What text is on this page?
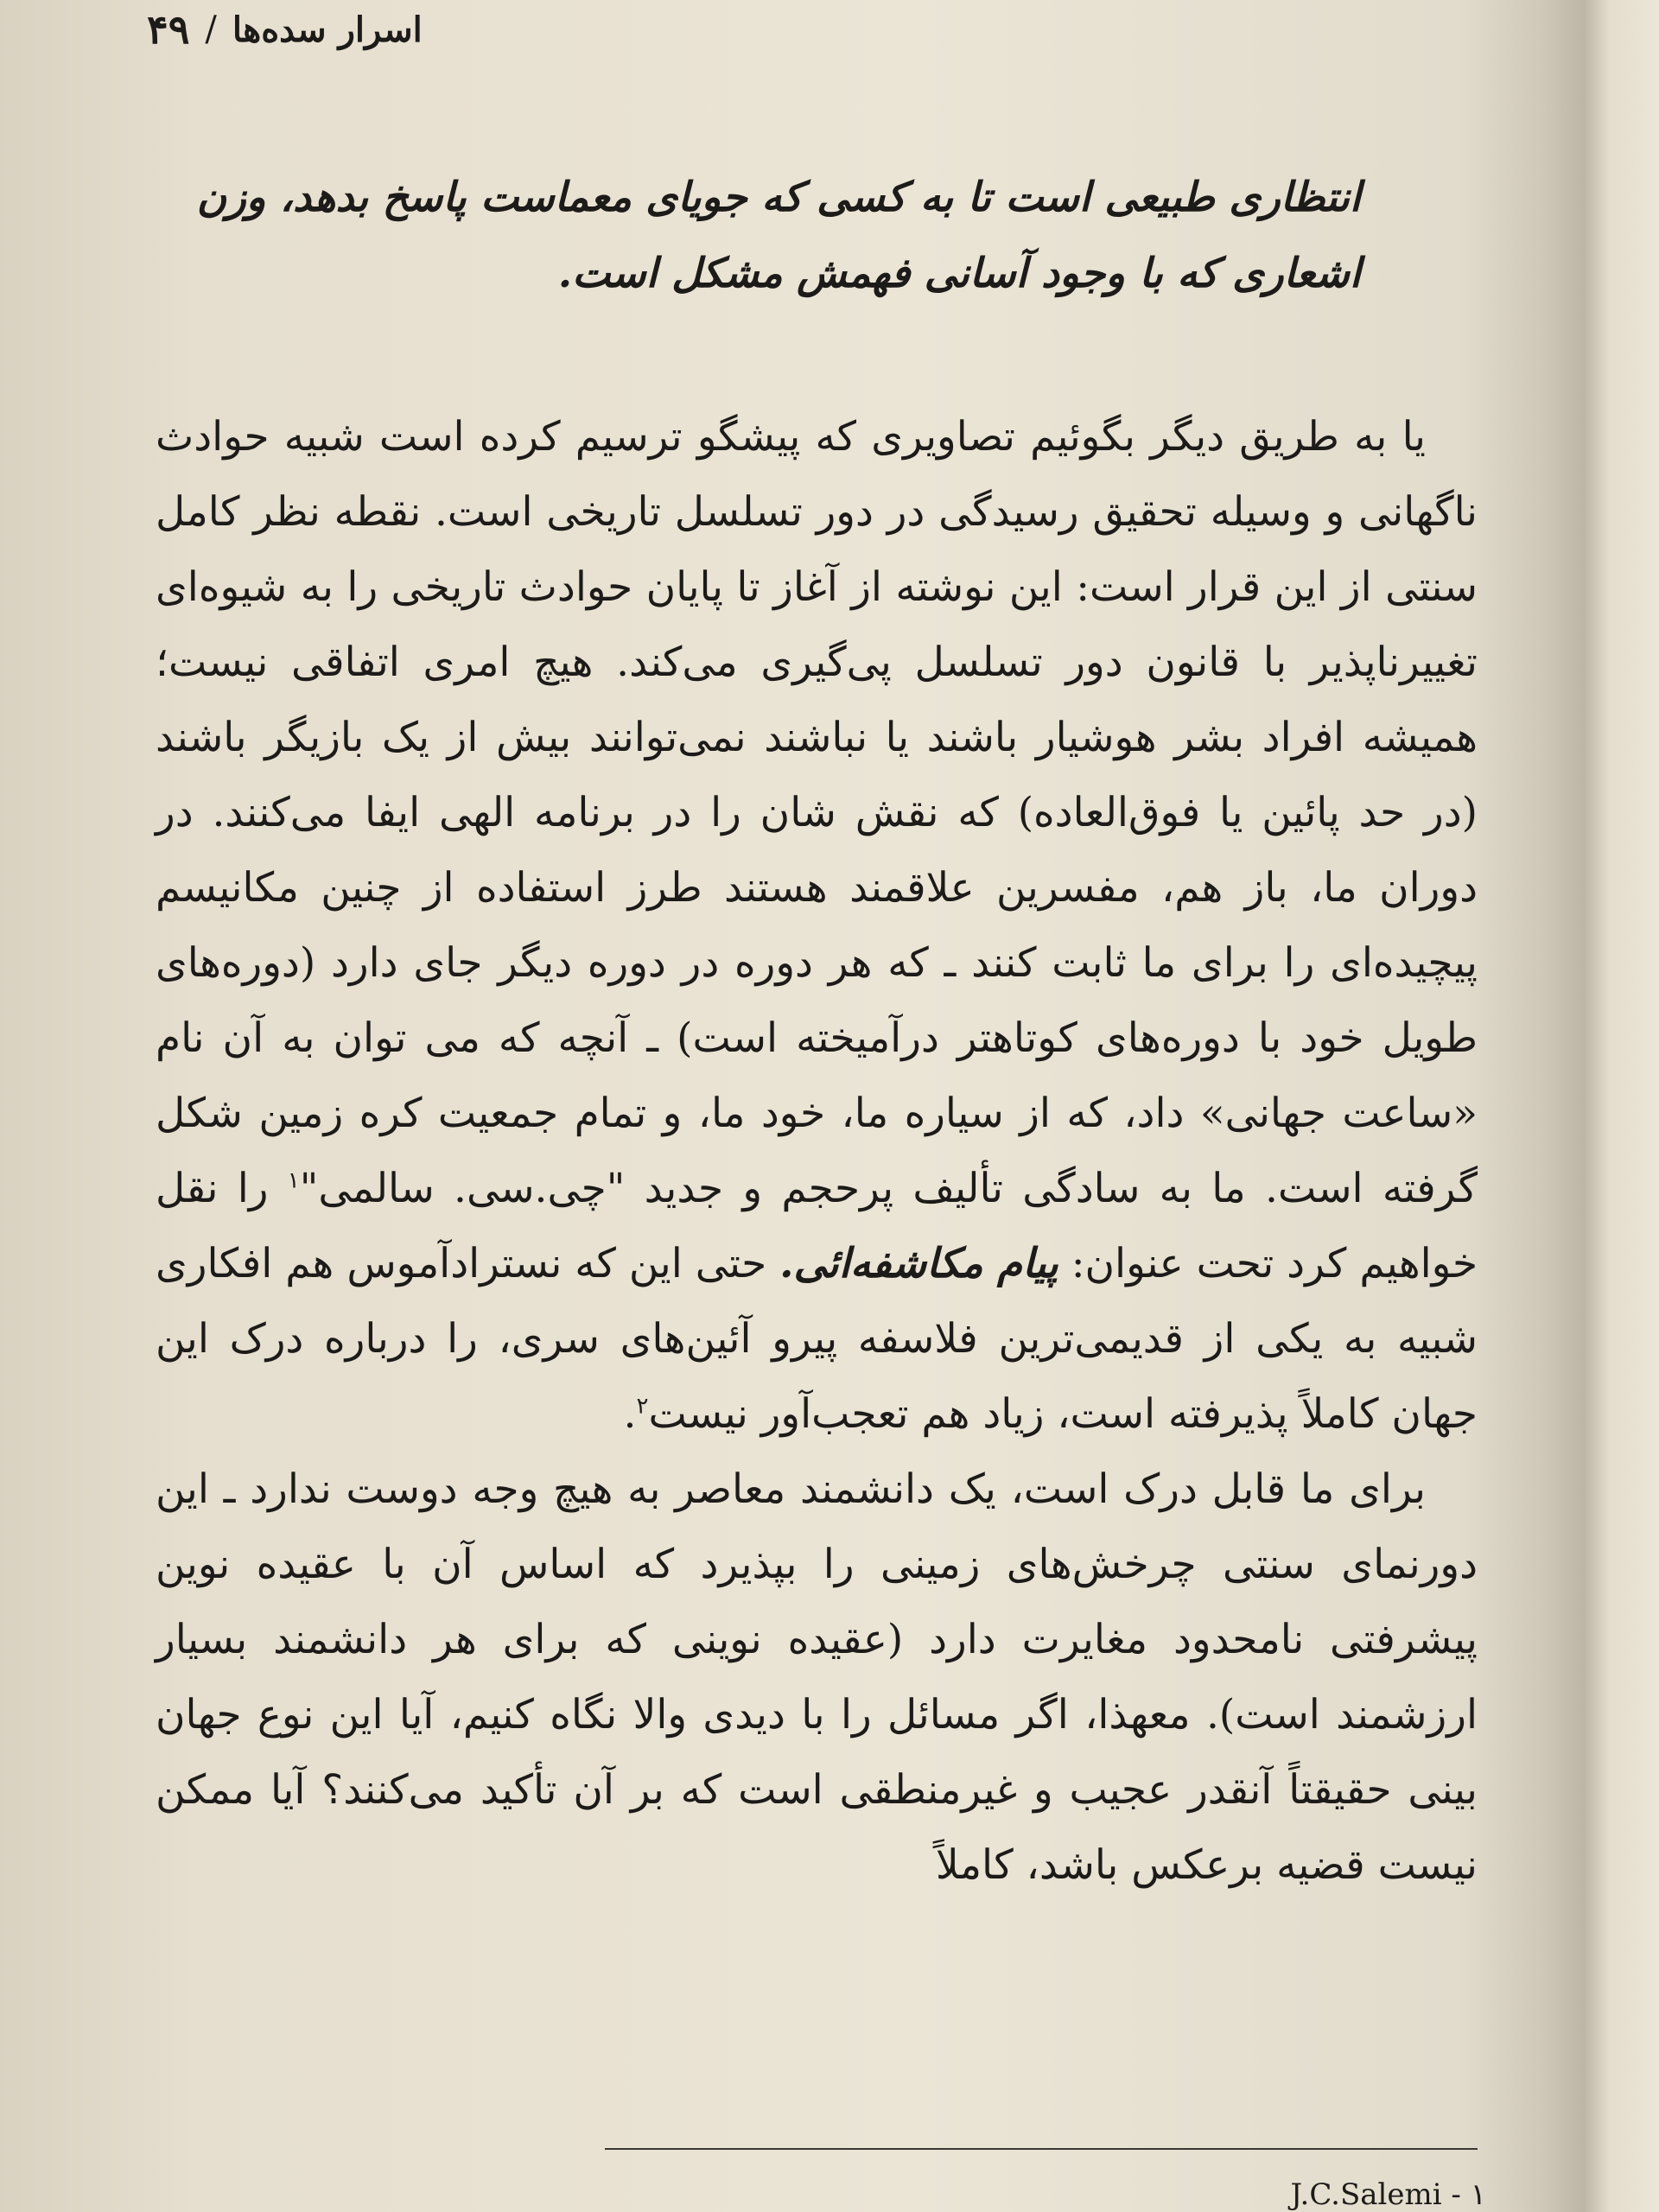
۴۹ / اسرار سده‌ها
انتظاری طبیعی است تا به کسی که جویای معماست پاسخ بدهد، وزن اشعاری که با وجود آسانی فهمش مشکل است.

یا به طریق دیگر بگوئیم تصاویری که پیشگو ترسیم کرده است شبیه حوادث ناگهانی و وسیله تحقیق رسیدگی در دور تسلسل تاریخی است. نقطه نظر کامل سنتی از این قرار است: این نوشته از آغاز تا پایان حوادث تاریخی را به شیوه‌ای تغییرناپذیر با قانون دور تسلسل پی‌گیری می‌کند. هیچ امری اتفاقی نیست؛ همیشه افراد بشر هوشیار باشند یا نباشند نمی‌توانند بیش از یک بازیگر باشند (در حد پائین یا فوق‌العاده) که نقش شان را در برنامه الهی ایفا می‌کنند. در دوران ما، باز هم، مفسرین علاقمند هستند طرز استفاده از چنین مکانیسم پیچیده‌ای را برای ما ثابت کنند ـ که هر دوره در دوره دیگر جای دارد (دوره‌های طویل خود با دوره‌های کوتاهتر درآمیخته است) ـ آنچه که می توان به آن نام «ساعت جهانی» داد، که از سیاره ما، خود ما، و تمام جمعیت کره زمین شکل گرفته است. ما به سادگی تألیف پرحجم و جدید "چی.سی. سالمی"$^۱$ را نقل خواهیم کرد تحت عنوان: پیام مکاشفه‌ائی. حتی این که نسترادآموس هم افکاری شبیه به یکی از قدیمی‌ترین فلاسفه پیرو آئین‌های سری، را درباره درک این جهان کاملاً پذیرفته است، زیاد هم تعجب‌آور نیست$^۲$.

برای ما قابل درک است، یک دانشمند معاصر به هیچ وجه دوست ندارد ـ این دورنمای سنتی چرخش‌های زمینی را بپذیرد که اساس آن با عقیده نوین پیشرفتی نامحدود مغایرت دارد (عقیده نوینی که برای هر دانشمند بسیار ارزشمند است). معهذا، اگر مسائل را با دیدی والا نگاه کنیم، آیا این نوع جهان بینی حقیقتاً آنقدر عجیب و غیرمنطقی است که بر آن تأکید می‌کنند؟ آیا ممکن نیست قضیه برعکس باشد، کاملاً

J.C.Salemi - ۱
